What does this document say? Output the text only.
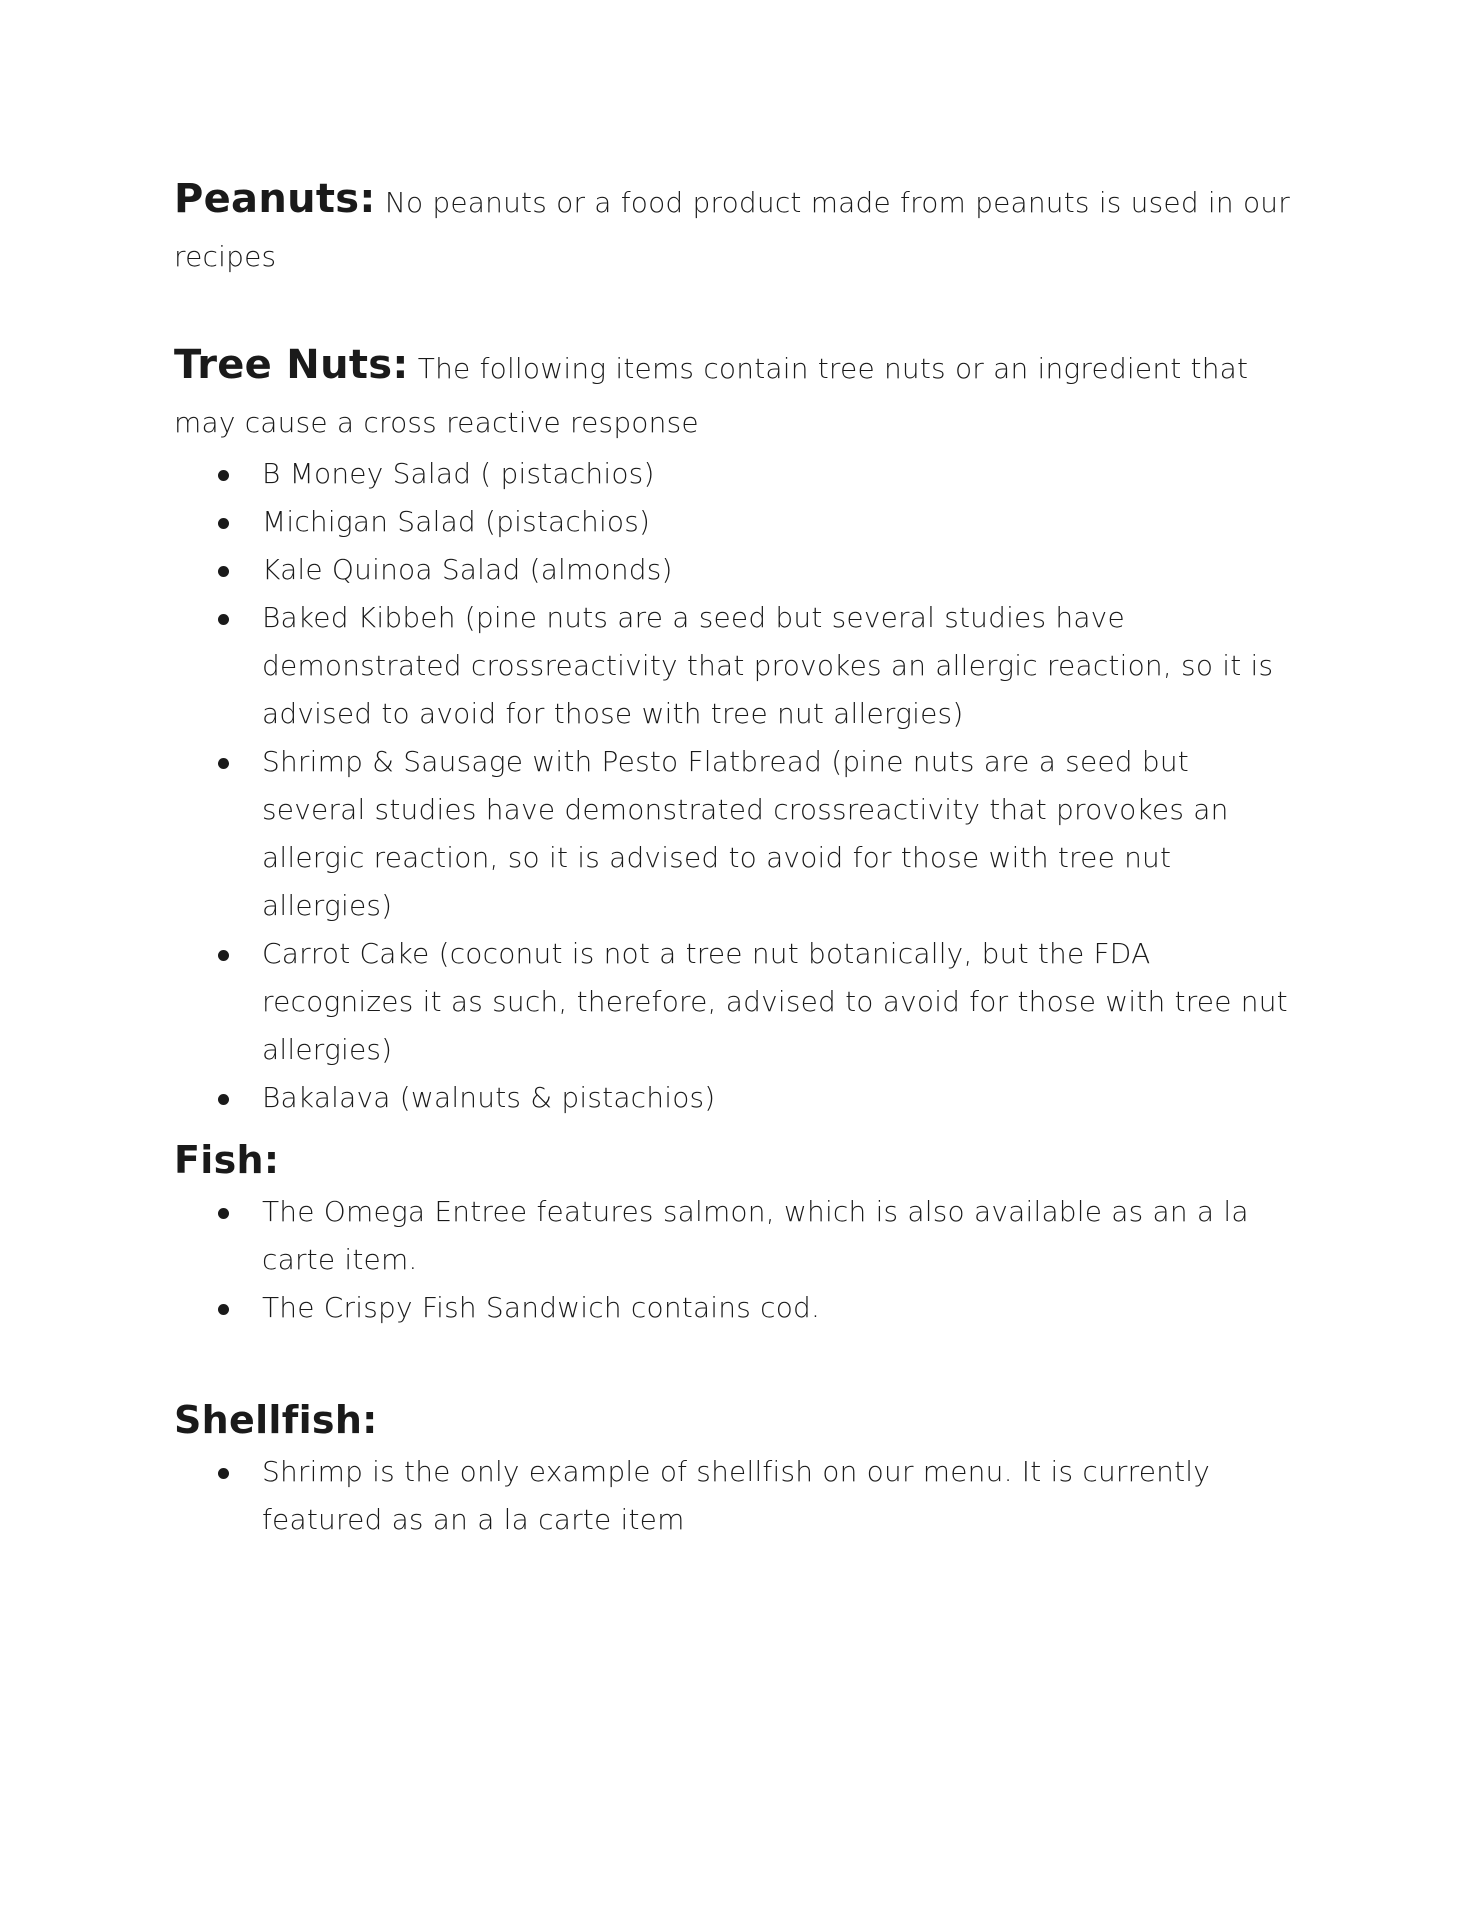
Peanuts: No peanuts or a food product made from peanuts is used in our recipes

Tree Nuts: The following items contain tree nuts or an ingredient that may cause a cross reactive response

B Money Salad ( pistachios)
Michigan Salad (pistachios)
Kale Quinoa Salad (almonds)
Baked Kibbeh (pine nuts are a seed but several studies have demonstrated crossreactivity that provokes an allergic reaction, so it is advised to avoid for those with tree nut allergies)
Shrimp & Sausage with Pesto Flatbread (pine nuts are a seed but several studies have demonstrated crossreactivity that provokes an allergic reaction, so it is advised to avoid for those with tree nut allergies)
Carrot Cake (coconut is not a tree nut botanically, but the FDA recognizes it as such, therefore, advised to avoid for those with tree nut allergies)
Bakalava (walnuts & pistachios)
Fish:
The Omega Entree features salmon, which is also available as an a la carte item.
The Crispy Fish Sandwich contains cod.
Shellfish:
Shrimp is the only example of shellfish on our menu. It is currently featured as an a la carte item
